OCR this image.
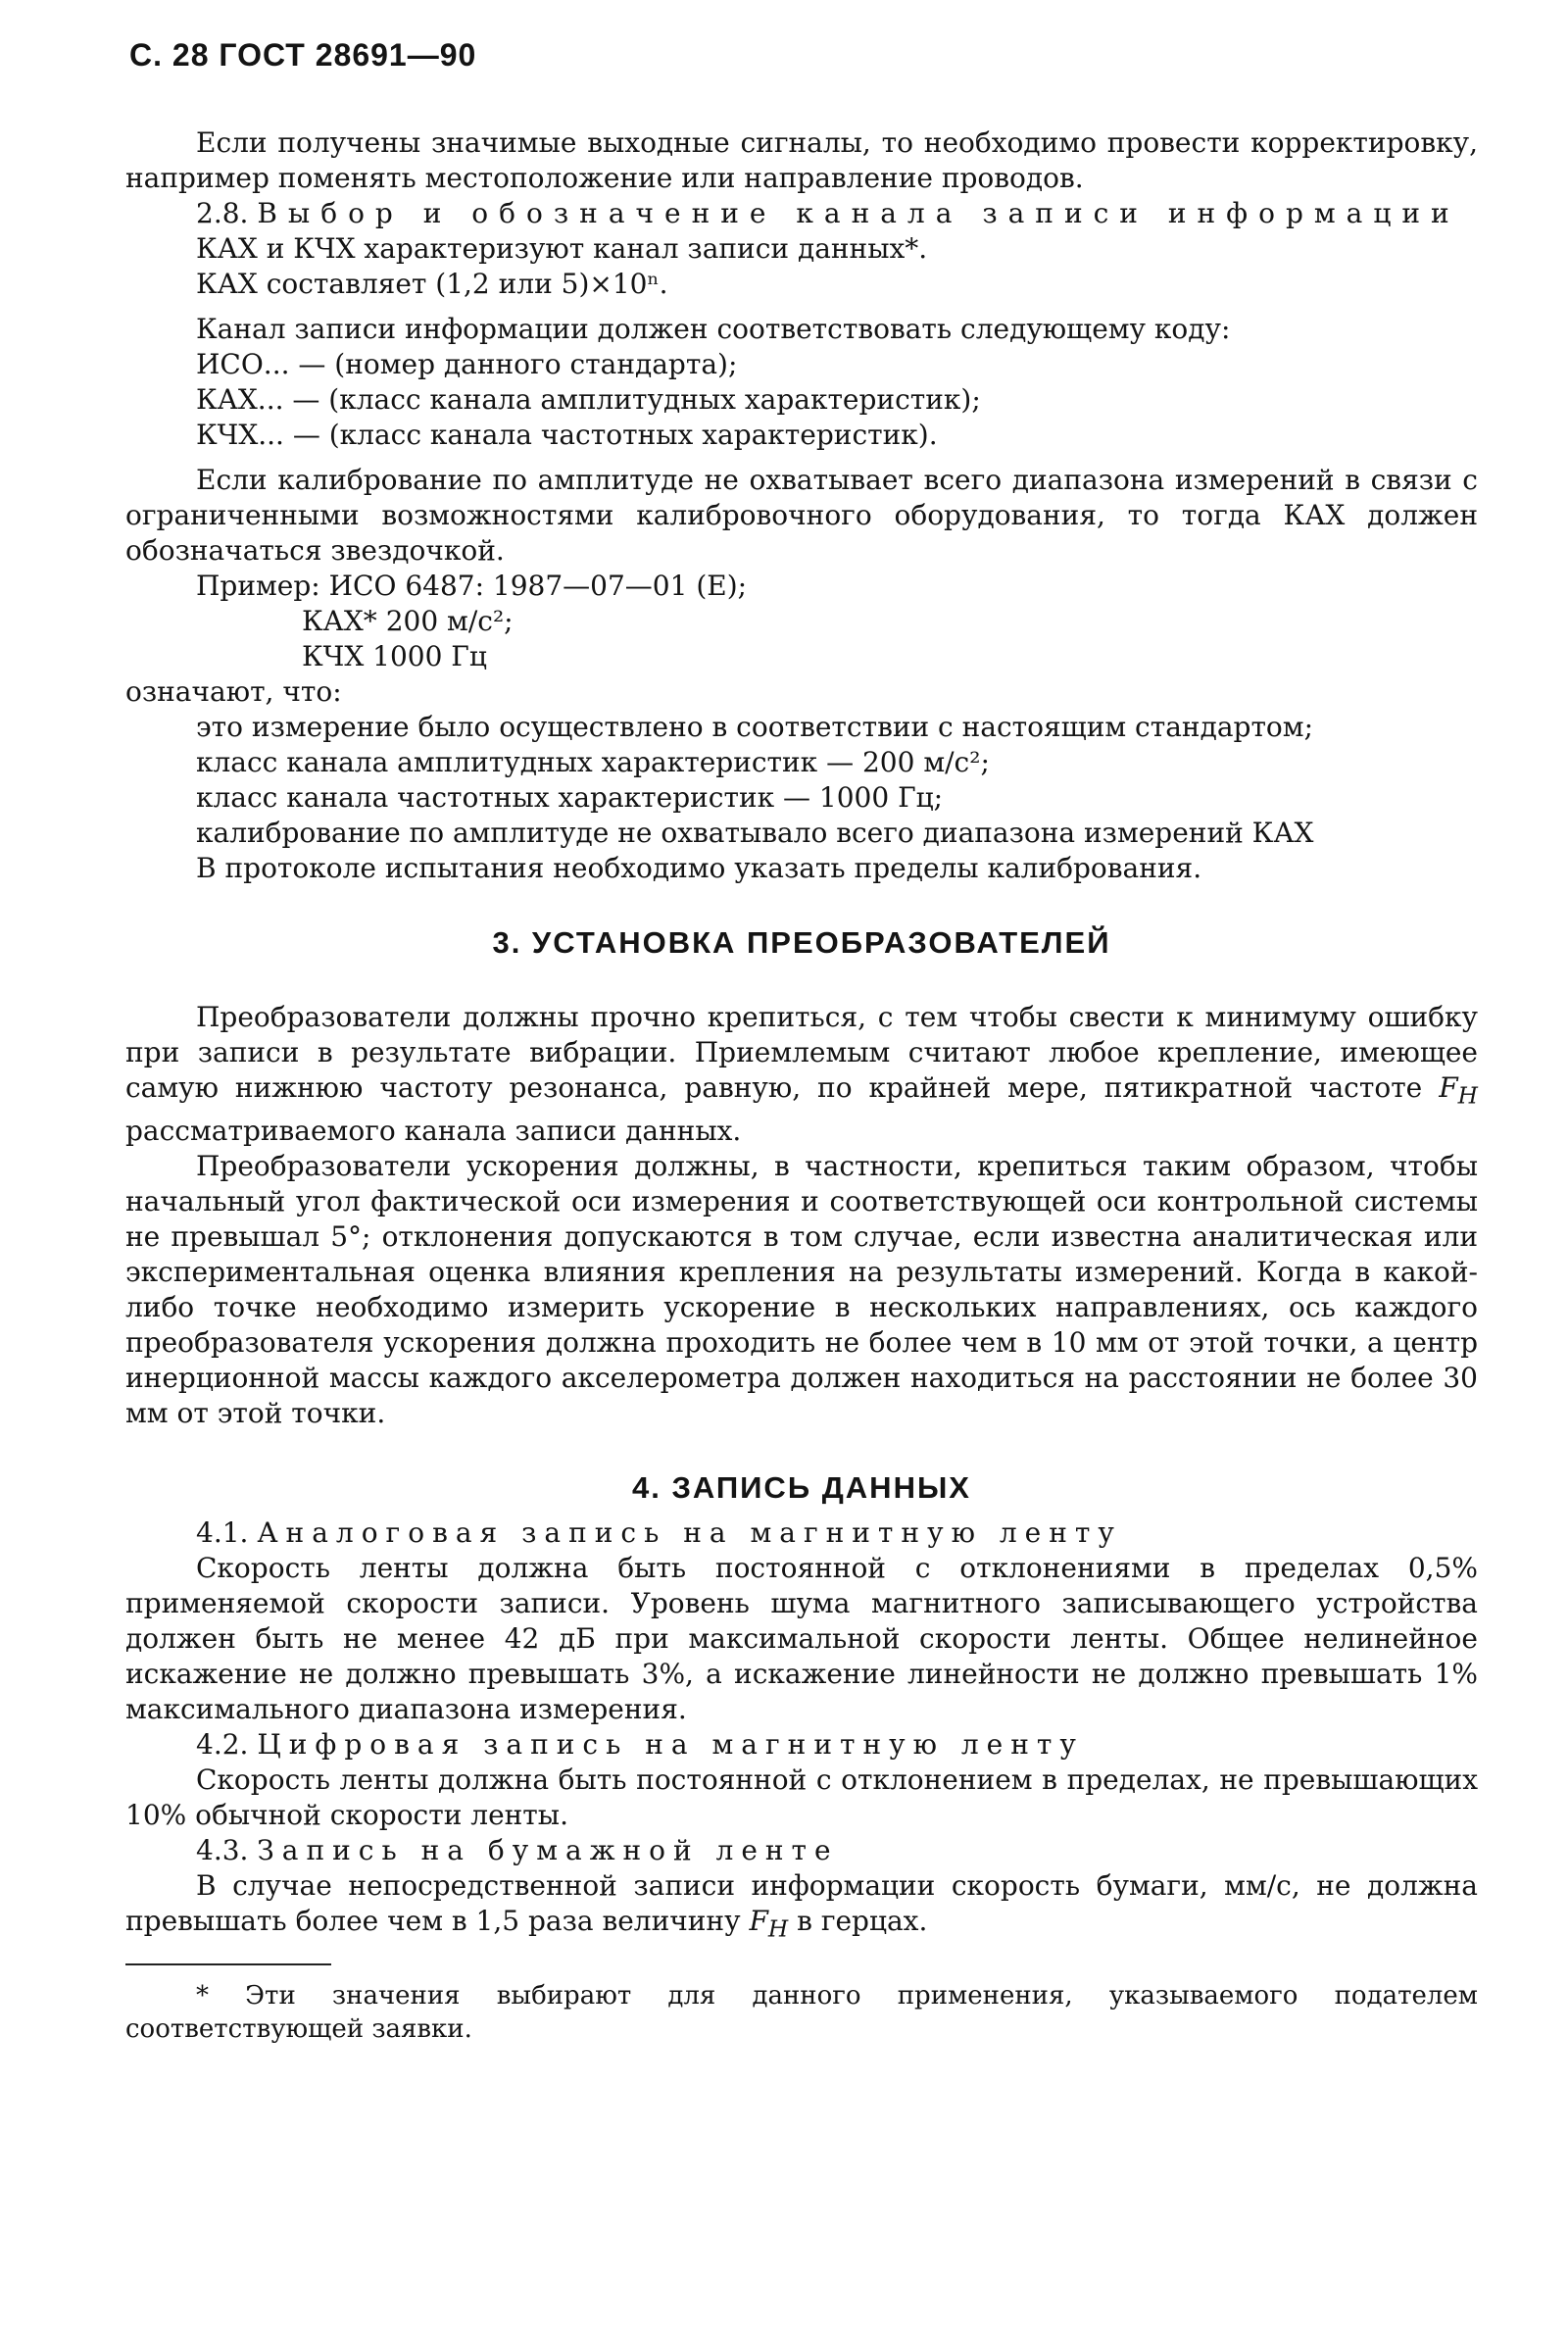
С. 28 ГОСТ 28691—90

Если получены значимые выходные сигналы, то необходимо провести корректировку, например поменять местоположение или направление проводов.

2.8. Выбор и обозначение канала записи информации

КАХ и КЧХ характеризуют канал записи данных*.

КАХ составляет (1,2 или 5)×10ⁿ.

Канал записи информации должен соответствовать следующему коду:

ИСО... — (номер данного стандарта);

КАХ... — (класс канала амплитудных характеристик);

КЧХ... — (класс канала частотных характеристик).

Если калибрование по амплитуде не охватывает всего диапазона измерений в связи с ограниченными возможностями калибровочного оборудования, то тогда КАХ должен обозначаться звездочкой.

Пример: ИСО 6487: 1987—07—01 (Е);

КАХ* 200 м/с²;

КЧХ 1000 Гц

означают, что:

это измерение было осуществлено в соответствии с настоящим стандартом;

класс канала амплитудных характеристик — 200 м/с²;

класс канала частотных характеристик — 1000 Гц;

калибрование по амплитуде не охватывало всего диапазона измерений КАХ

В протоколе испытания необходимо указать пределы калибрования.

3. УСТАНОВКА ПРЕОБРАЗОВАТЕЛЕЙ

Преобразователи должны прочно крепиться, с тем чтобы свести к минимуму ошибку при записи в результате вибрации. Приемлемым считают любое крепление, имеющее самую нижнюю частоту резонанса, равную, по крайней мере, пятикратной частоте $F_H$ рассматриваемого канала записи данных.

Преобразователи ускорения должны, в частности, крепиться таким образом, чтобы начальный угол фактической оси измерения и соответствующей оси контрольной системы не превышал 5°; отклонения допускаются в том случае, если известна аналитическая или экспериментальная оценка влияния крепления на результаты измерений. Когда в какой-либо точке необходимо измерить ускорение в нескольких направлениях, ось каждого преобразователя ускорения должна проходить не более чем в 10 мм от этой точки, а центр инерционной массы каждого акселерометра должен находиться на расстоянии не более 30 мм от этой точки.

4. ЗАПИСЬ ДАННЫХ

4.1. Аналоговая запись на магнитную ленту

Скорость ленты должна быть постоянной с отклонениями в пределах 0,5% применяемой скорости записи. Уровень шума магнитного записывающего устройства должен быть не менее 42 дБ при максимальной скорости ленты. Общее нелинейное искажение не должно превышать 3%, а искажение линейности не должно превышать 1% максимального диапазона измерения.

4.2. Цифровая запись на магнитную ленту

Скорость ленты должна быть постоянной с отклонением в пределах, не превышающих 10% обычной скорости ленты.

4.3. Запись на бумажной ленте

В случае непосредственной записи информации скорость бумаги, мм/с, не должна превышать более чем в 1,5 раза величину $F_H$ в герцах.

* Эти значения выбирают для данного применения, указываемого подателем соответствующей заявки.
